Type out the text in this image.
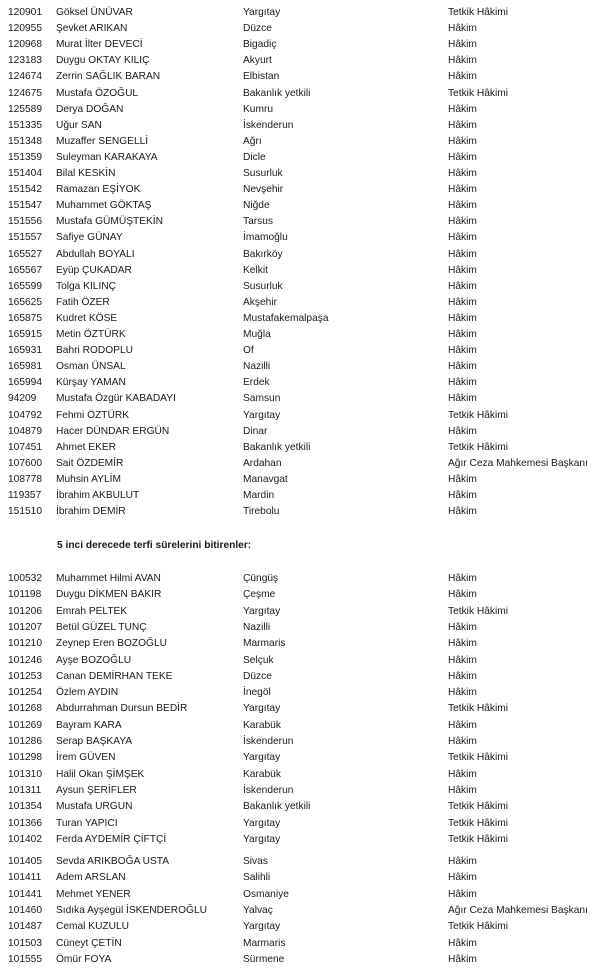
120901	Göksel ÜNÜVAR	Yargıtay	Tetkik Hâkimi
120955	Şevket ARIKAN	Düzce	Hâkim
120968	Murat İlter DEVECİ	Bigadiç	Hâkim
123183	Duygu OKTAY KILIÇ	Akyurt	Hâkim
124674	Zerrin SAĞLIK BARAN	Elbistan	Hâkim
124675	Mustafa ÖZOĞUL	Bakanlık yetkili	Tetkik Hâkimi
125589	Derya DOĞAN	Kumru	Hâkim
151335	Uğur SAN	İskenderun	Hâkim
151348	Muzaffer SENGELLİ	Ağrı	Hâkim
151359	Suleyman KARAKAYA	Dicle	Hâkim
151404	Bilal KESKİN	Susurluk	Hâkim
151542	Ramazan EŞİYOK	Nevşehir	Hâkim
151547	Muhammet GÖKTAŞ	Niğde	Hâkim
151556	Mustafa GÜMÜŞTEKİN	Tarsus	Hâkim
151557	Safiye GÜNAY	İmamoğlu	Hâkim
165527	Abdullah BOYALI	Bakırköy	Hâkim
165567	Eyüp ÇUKADAR	Kelkit	Hâkim
165599	Tolga KILINÇ	Susurluk	Hâkim
165625	Fatih ÖZER	Akşehir	Hâkim
165875	Kudret KÖSE	Mustafakemalpaşa	Hâkim
165915	Metin ÖZTÜRK	Muğla	Hâkim
165931	Bahri RODOPLU	Of	Hâkim
165981	Osman ÜNSAL	Nazilli	Hâkim
165994	Kürşay YAMAN	Erdek	Hâkim
94209	Mustafa Özgür KABADAYI	Samsun	Hâkim
104792	Fehmi ÖZTÜRK	Yargıtay	Tetkik Hâkimi
104879	Hacer DÜNDAR ERGÜN	Dinar	Hâkim
107451	Ahmet EKER	Bakanlık yetkili	Tetkik Hâkimi
107600	Sait ÖZDEMİR	Ardahan	Ağır Ceza Mahkemesi Başkanı
108778	Muhsin AYLİM	Manavgat	Hâkim
119357	İbrahim AKBULUT	Mardin	Hâkim
151510	İbrahim DEMİR	Tirebolu	Hâkim
5 inci derecede terfi sürelerini bitirenler:
100532	Muhammet Hilmi AVAN	Çüngüş	Hâkim
101198	Duygu DİKMEN BAKIR	Çeşme	Hâkim
101206	Emrah PELTEK	Yargıtay	Tetkik Hâkimi
101207	Betül GÜZEL TUNÇ	Nazilli	Hâkim
101210	Zeynep Eren BOZOĞLU	Marmaris	Hâkim
101246	Ayşe BOZOĞLU	Selçuk	Hâkim
101253	Canan DEMİRHAN TEKE	Düzce	Hâkim
101254	Özlem AYDIN	İnegöl	Hâkim
101268	Abdurrahman Dursun BEDİR	Yargıtay	Tetkik Hâkimi
101269	Bayram KARA	Karabük	Hâkim
101286	Serap BAŞKAYA	İskenderun	Hâkim
101298	İrem GÜVEN	Yargıtay	Tetkik Hâkimi
101310	Halil Okan ŞİMŞEK	Karabük	Hâkim
101311	Aysun ŞERİFLER	İskenderun	Hâkim
101354	Mustafa URGUN	Bakanlık yetkili	Tetkik Hâkimi
101366	Turan YAPICI	Yargıtay	Tetkik Hâkimi
101402	Ferda AYDEMİR ÇİFTÇİ	Yargıtay	Tetkik Hâkimi
101405	Sevda ARIKBOĞA USTA	Sivas	Hâkim
101411	Adem ARSLAN	Salihli	Hâkim
101441	Mehmet YENER	Osmaniye	Hâkim
101460	Sıdıka Ayşegül İSKENDEROĞLU	Yalvaç	Ağır Ceza Mahkemesi Başkanı
101487	Cemal KUZULU	Yargıtay	Tetkik Hâkimi
101503	Cüneyt ÇETİN	Marmaris	Hâkim
101555	Ömür FOYA	Sürmene	Hâkim
